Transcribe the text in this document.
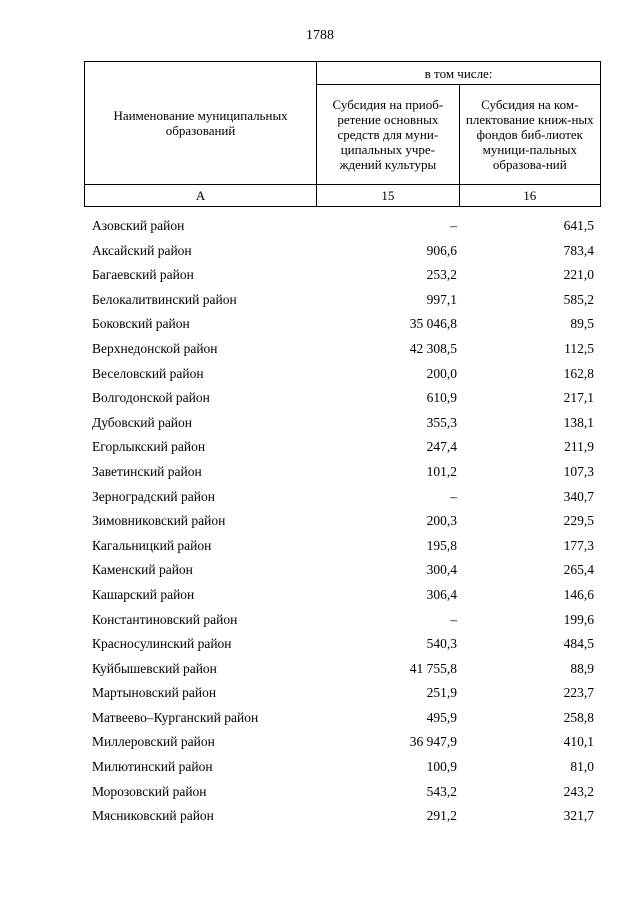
1788
Наименование муниципальных образований	в том числе:	
	Субсидия на приоб-ретение основных средств для муни-ципальных учре-ждений культуры	Субсидия на ком-плектование книж-ных фондов биб-лиотек муници-пальных образова-ний
А	15	16
Азовский район	–	641,5
Аксайский район	906,6	783,4
Багаевский район	253,2	221,0
Белокалитвинский район	997,1	585,2
Боковский район	35 046,8	89,5
Верхнедонской район	42 308,5	112,5
Веселовский район	200,0	162,8
Волгодонской район	610,9	217,1
Дубовский район	355,3	138,1
Егорлыкский район	247,4	211,9
Заветинский район	101,2	107,3
Зерноградский район	–	340,7
Зимовниковский район	200,3	229,5
Кагальницкий район	195,8	177,3
Каменский район	300,4	265,4
Кашарский район	306,4	146,6
Константиновский район	–	199,6
Красносулинский район	540,3	484,5
Куйбышевский район	41 755,8	88,9
Мартыновский район	251,9	223,7
Матвеево–Курганский район	495,9	258,8
Миллеровский район	36 947,9	410,1
Милютинский район	100,9	81,0
Морозовский район	543,2	243,2
Мясниковский район	291,2	321,7
